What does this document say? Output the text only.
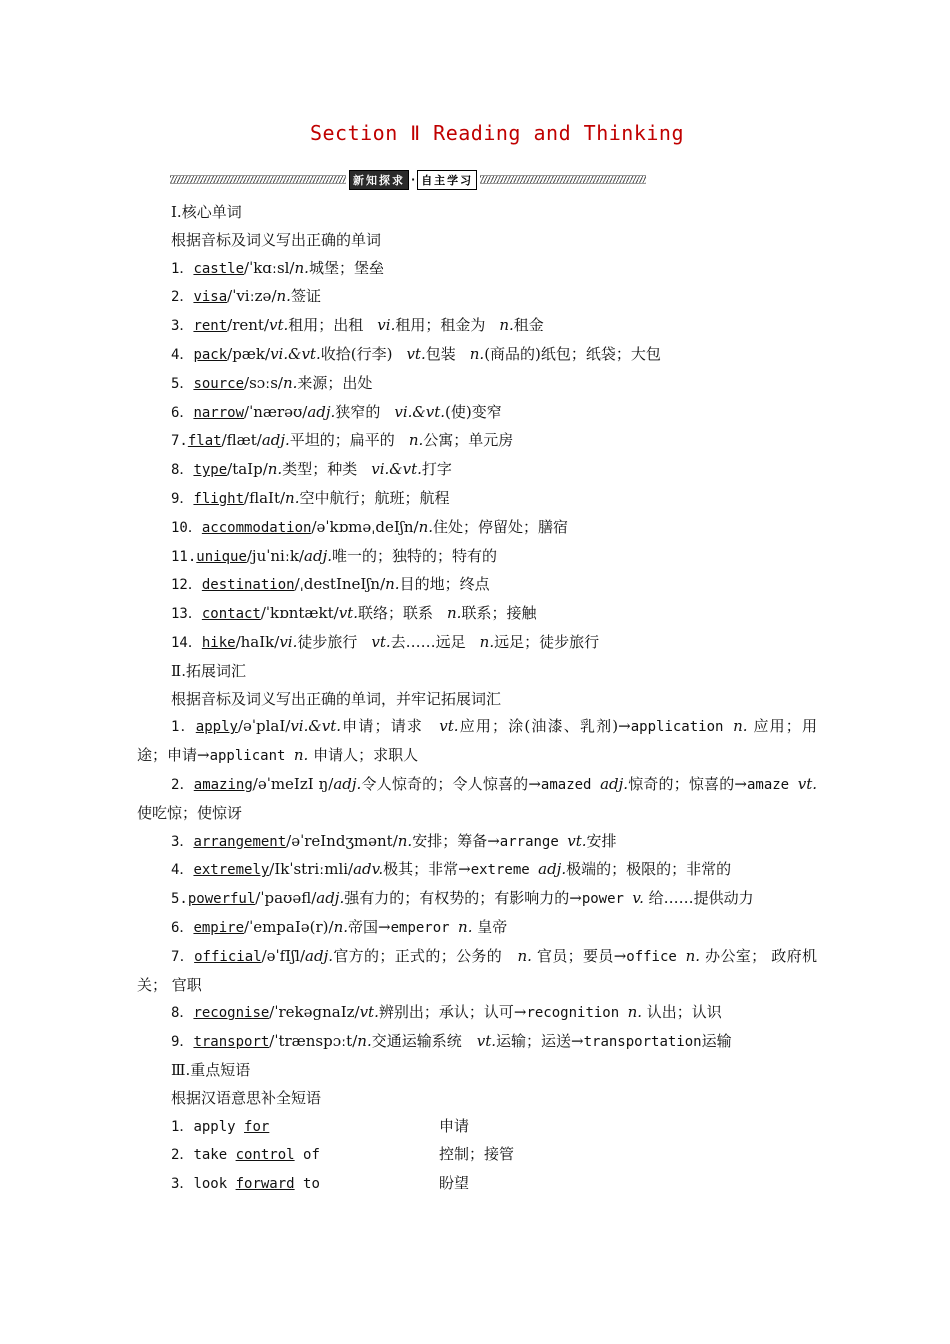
Section Ⅱ Reading and Thinking
新知探求 · 自主学习
Ⅰ.核心单词
根据音标及词义写出正确的单词
1．castle/ˈkɑːsl/n.城堡；堡垒
2．visa/ˈviːzə/n.签证
3．rent/rent/vt.租用；出租 vi.租用；租金为 n.租金
4．pack/pæk/vi.&vt.收拾(行李) vt.包装 n.(商品的)纸包；纸袋；大包
5．source/sɔːs/n.来源；出处
6．narrow/ˈnærəʊ/adj.狭窄的 vi.&vt.(使)变窄
7.flat/flæt/adj.平坦的；扁平的 n.公寓；单元房
8．type/taIp/n.类型；种类 vi.&vt.打字
9．flight/flaIt/n.空中航行；航班；航程
10．accommodation/əˈkɒməˌdeIʃn/n.住处；停留处；膳宿
11.unique/juˈniːk/adj.唯一的；独特的；特有的
12．destination/ˌdestIneIʃn/n.目的地；终点
13．contact/ˈkɒntækt/vt.联络；联系 n.联系；接触
14．hike/haIk/vi.徒步旅行 vt.去……远足 n.远足；徒步旅行
Ⅱ.拓展词汇
根据音标及词义写出正确的单词，并牢记拓展词汇
1．apply/əˈplaI/vi.&vt.申请；请求　vt.应用；涂(油漆、乳剂)→application n. 应用；用途；申请→applicant n. 申请人；求职人
2．amazing/əˈmeIzI ŋ/adj.令人惊奇的；令人惊喜的→amazed adj.惊奇的；惊喜的→amaze vt.使吃惊；使惊讶
3．arrangement/əˈreIndʒmənt/n.安排；筹备→arrange vt.安排
4．extremely/Ikˈstriːmli/adv.极其；非常→extreme adj.极端的；极限的；非常的
5.powerful/ˈpaʊəfl/adj.强有力的；有权势的；有影响力的→power v. 给……提供动力
6．empire/ˈempaIə(r)/n.帝国→emperor n. 皇帝
7．official/əˈfIʃl/adj.官方的；正式的；公务的　n. 官员；要员→office n. 办公室； 政府机关； 官职
8．recognise/ˈrekəgnaIz/vt.辨别出；承认；认可→recognition n. 认出；认识
9．transport/ˈtrænspɔːt/n.交通运输系统　vt.运输；运送→transportation运输
Ⅲ.重点短语
根据汉语意思补全短语
1．apply for	申请
2．take control of	控制；接管
3．look forward to	盼望
